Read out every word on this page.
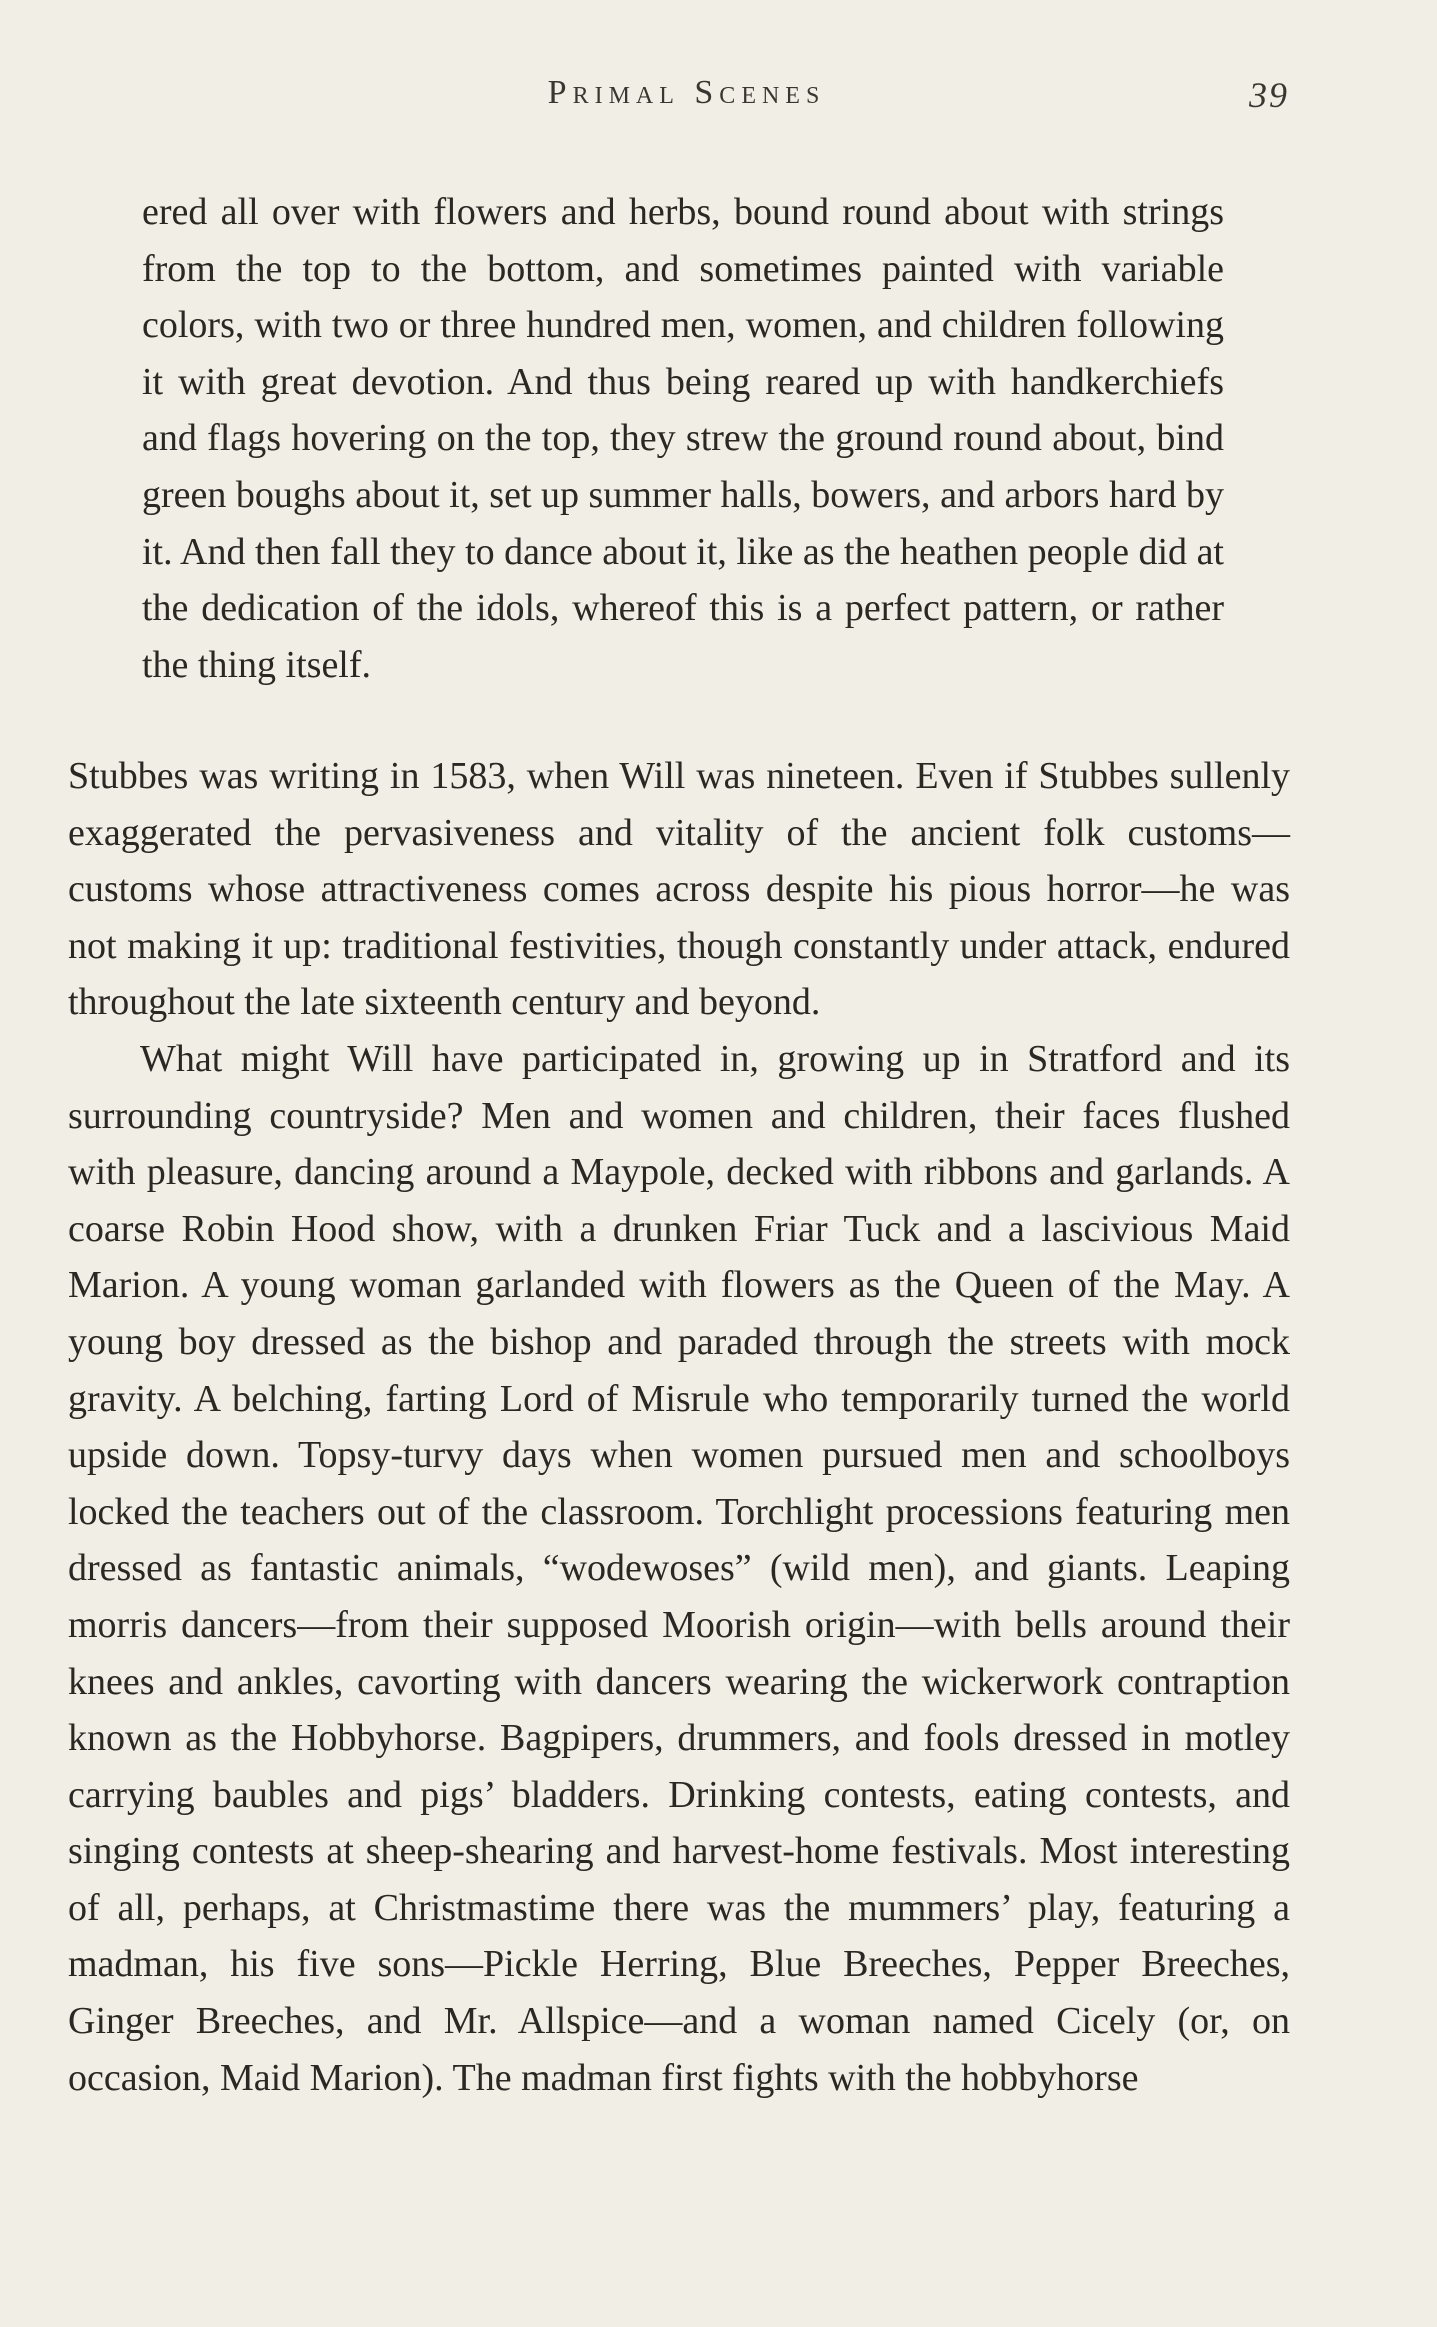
Primal Scenes	39
ered all over with flowers and herbs, bound round about with strings from the top to the bottom, and sometimes painted with variable colors, with two or three hundred men, women, and children following it with great devotion. And thus being reared up with handkerchiefs and flags hovering on the top, they strew the ground round about, bind green boughs about it, set up summer halls, bowers, and arbors hard by it. And then fall they to dance about it, like as the heathen people did at the dedication of the idols, whereof this is a perfect pattern, or rather the thing itself.

Stubbes was writing in 1583, when Will was nineteen. Even if Stubbes sullenly exaggerated the pervasiveness and vitality of the ancient folk customs—customs whose attractiveness comes across despite his pious horror—he was not making it up: traditional festivities, though constantly under attack, endured throughout the late sixteenth century and beyond.

What might Will have participated in, growing up in Stratford and its surrounding countryside? Men and women and children, their faces flushed with pleasure, dancing around a Maypole, decked with ribbons and garlands. A coarse Robin Hood show, with a drunken Friar Tuck and a lascivious Maid Marion. A young woman garlanded with flowers as the Queen of the May. A young boy dressed as the bishop and paraded through the streets with mock gravity. A belching, farting Lord of Misrule who temporarily turned the world upside down. Topsy-turvy days when women pursued men and schoolboys locked the teachers out of the classroom. Torchlight processions featuring men dressed as fantastic animals, “wodewoses” (wild men), and giants. Leaping morris dancers—from their supposed Moorish origin—with bells around their knees and ankles, cavorting with dancers wearing the wickerwork contraption known as the Hobbyhorse. Bagpipers, drummers, and fools dressed in motley carrying baubles and pigs’ bladders. Drinking contests, eating contests, and singing contests at sheep-shearing and harvest-home festivals. Most interesting of all, perhaps, at Christmastime there was the mummers’ play, featuring a madman, his five sons—Pickle Herring, Blue Breeches, Pepper Breeches, Ginger Breeches, and Mr. Allspice—and a woman named Cicely (or, on occasion, Maid Marion). The madman first fights with the hobbyhorse
